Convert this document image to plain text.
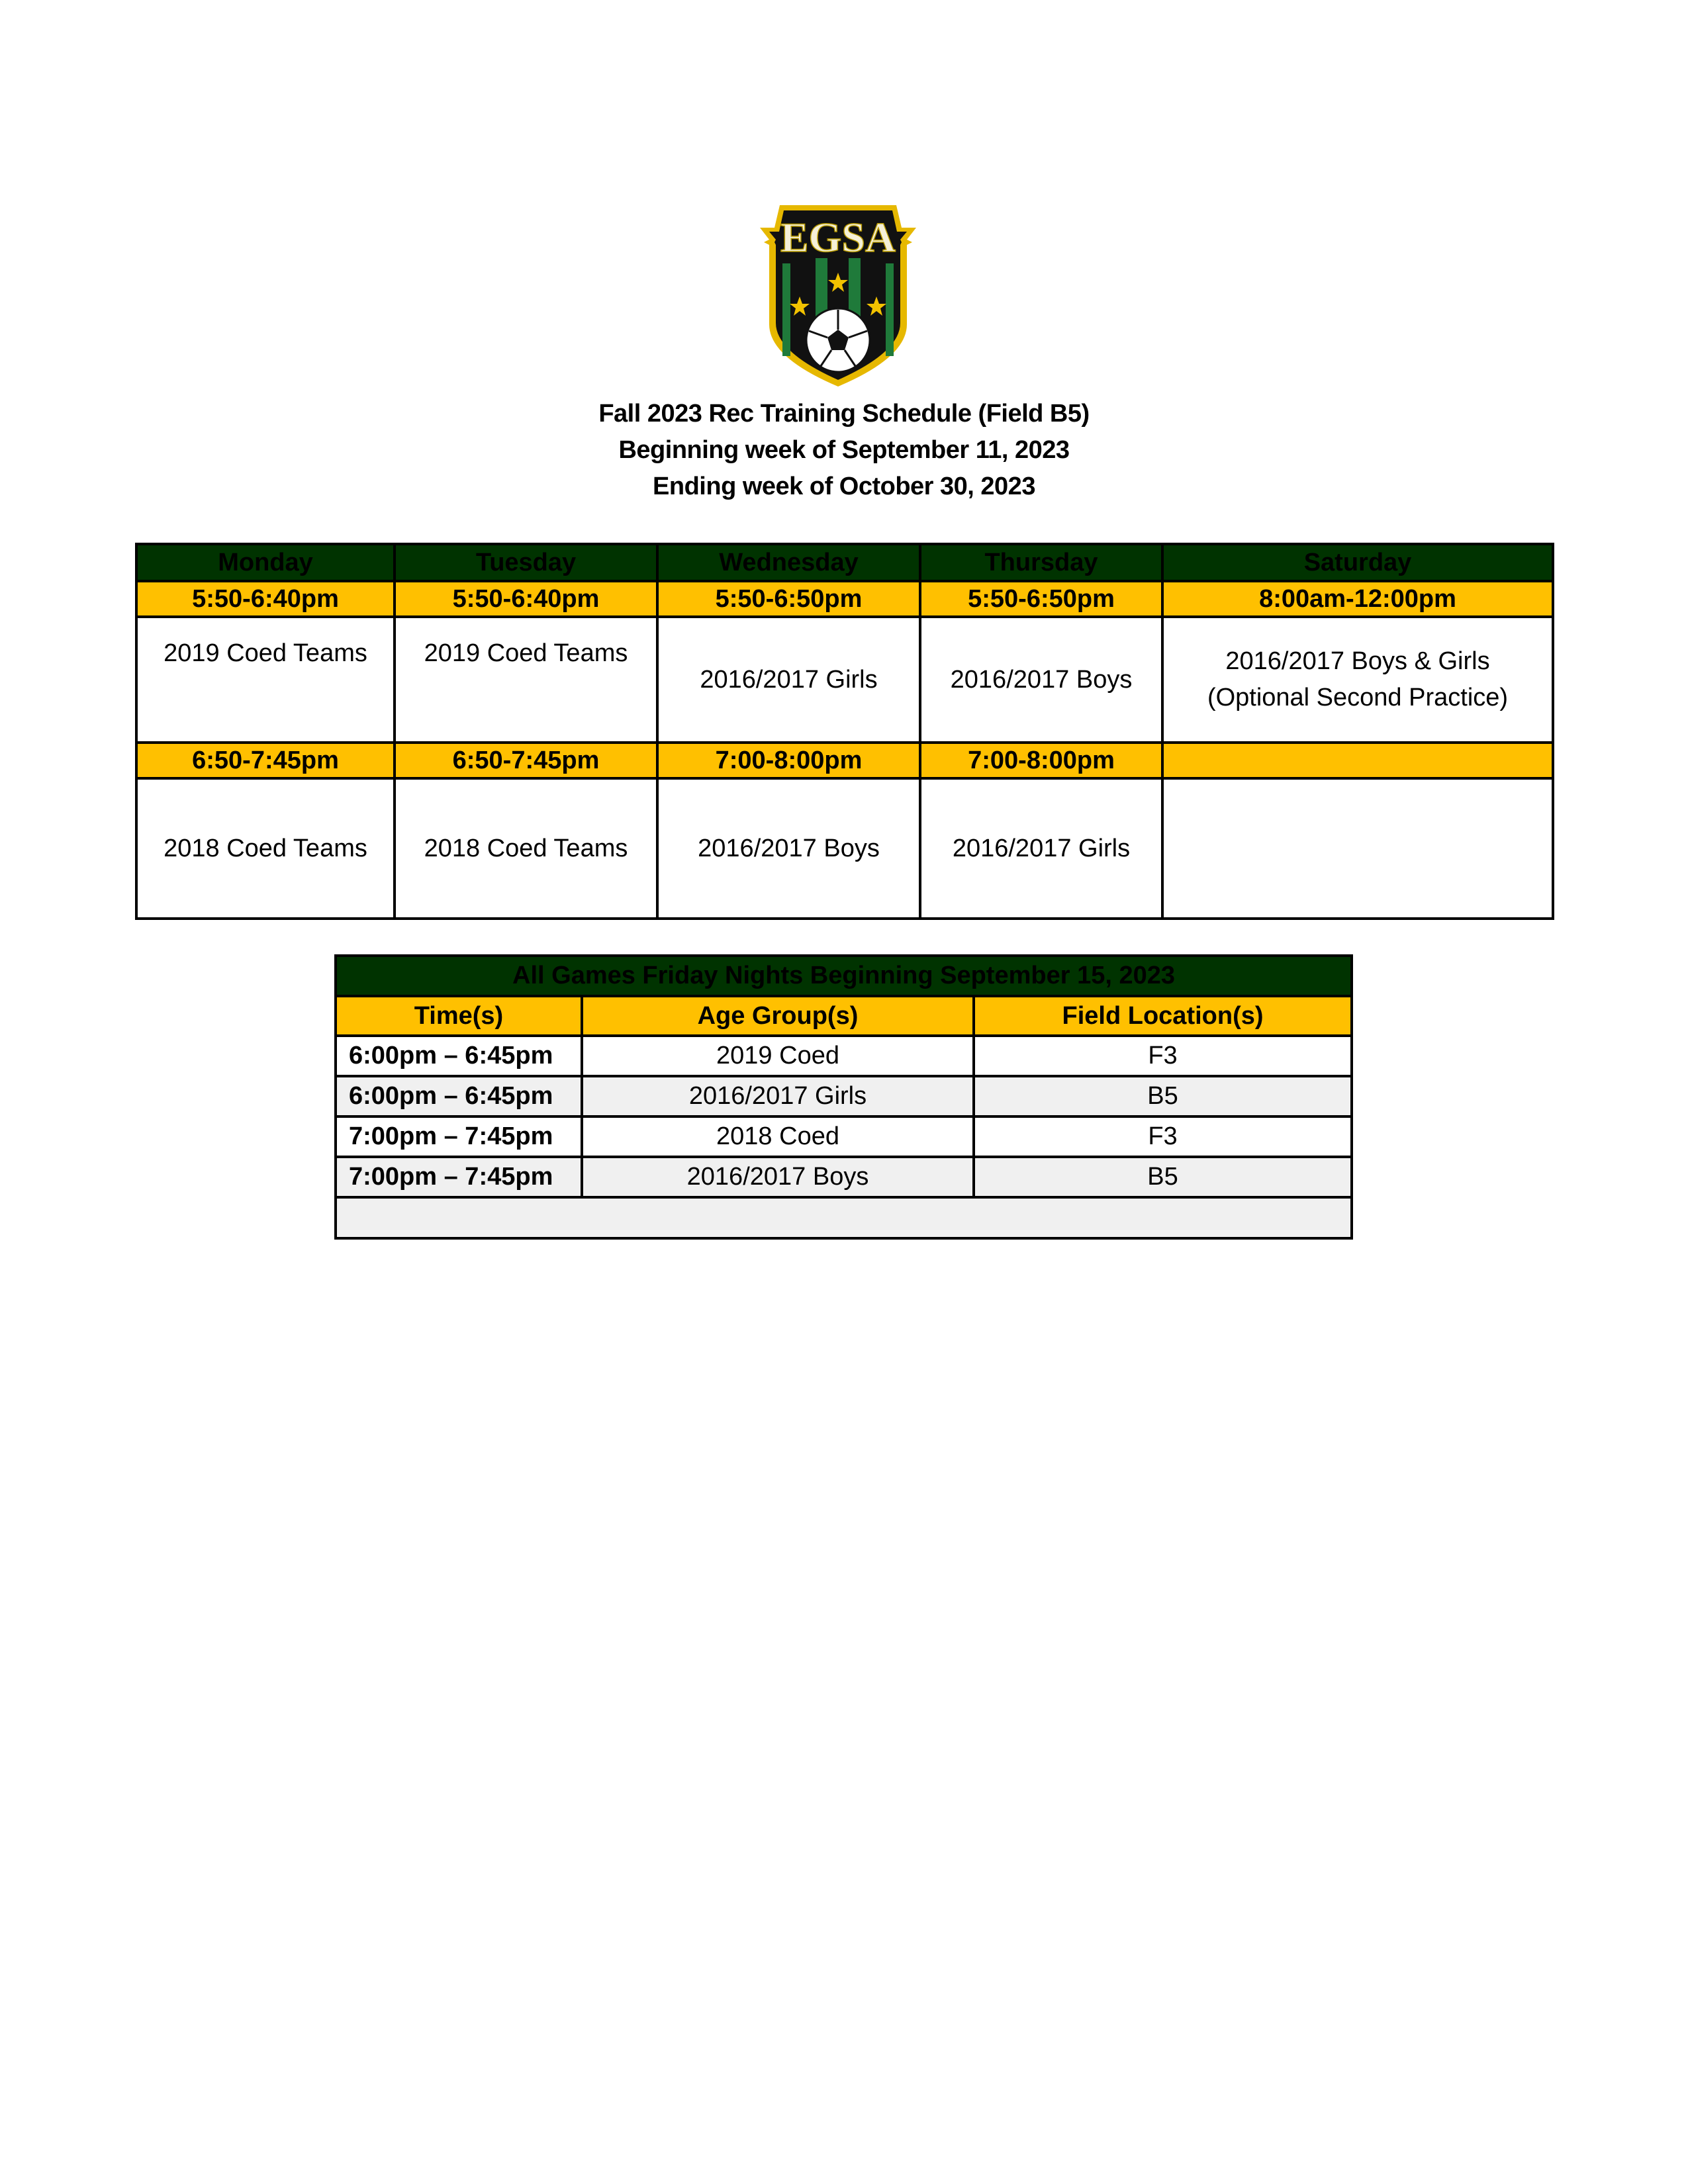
EGSA
Fall 2023 Rec Training Schedule (Field B5)
Beginning week of September 11, 2023
Ending week of October 30, 2023
Monday	Tuesday	Wednesday	Thursday	Saturday
5:50-6:40pm	5:50-6:40pm	5:50-6:50pm	5:50-6:50pm	8:00am-12:00pm
2019 Coed Teams	2019 Coed Teams	2016/2017 Girls	2016/2017 Boys	2016/2017 Boys & Girls
(Optional Second Practice)

6:50-7:45pm	6:50-7:45pm	7:00-8:00pm	7:00-8:00pm	
2018 Coed Teams	2018 Coed Teams	2016/2017 Boys	2016/2017 Girls	
All Games Friday Nights Beginning September 15, 2023		
Time(s)	Age Group(s)	Field Location(s)
6:00pm – 6:45pm	2019 Coed	F3
6:00pm – 6:45pm	2016/2017 Girls	B5
7:00pm – 7:45pm	2018 Coed	F3
7:00pm – 7:45pm	2016/2017 Boys	B5
